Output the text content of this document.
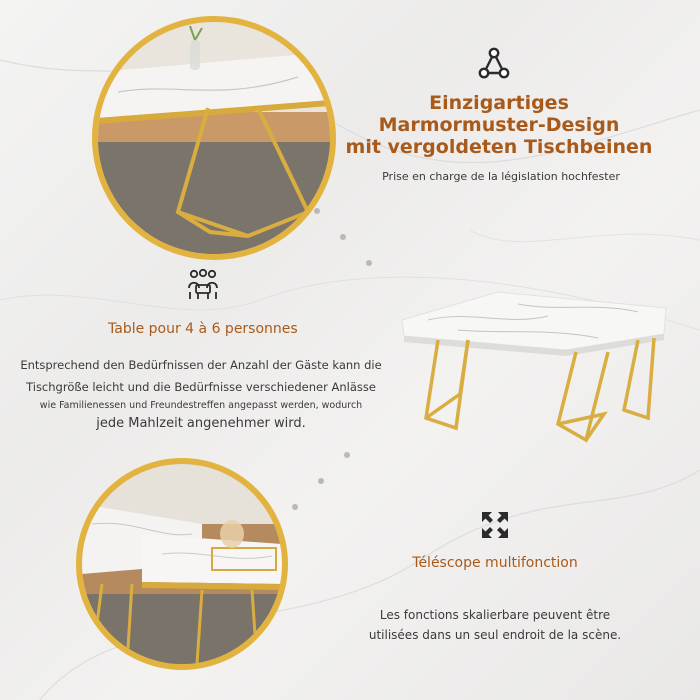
Einzigartiges
Marmormuster-Design
mit vergoldeten Tischbeinen
Prise en charge de la législation hochfester
Table pour 4 à 6 personnes
Entsprechend den Bedürfnissen der Anzahl der Gäste kann die
Tischgröße leicht und die Bedürfnisse verschiedener Anlässe
wie Familienessen und Freundestreffen angepasst werden, wodurch
jede Mahlzeit angenehmer wird.
Téléscope multifonction
Les fonctions skalierbare peuvent être
utilisées dans un seul endroit de la scène.
